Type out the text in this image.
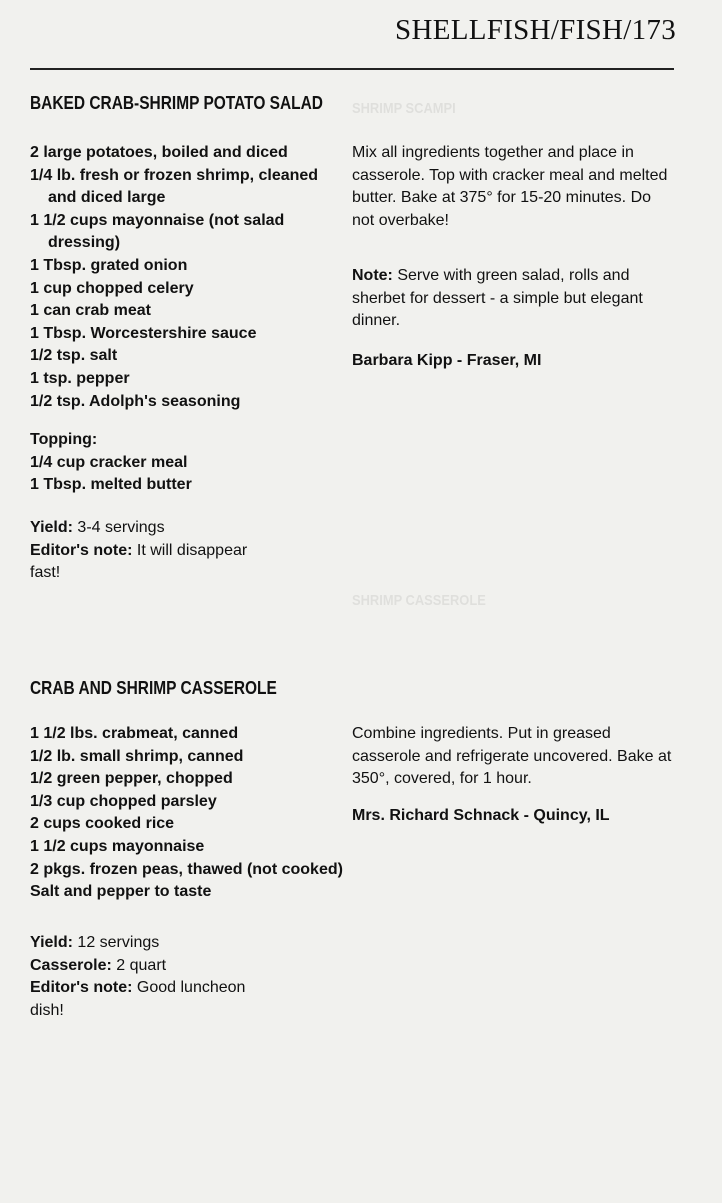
SHRIMP SCAMPI
SHRIMP CASSEROLE
SHELLFISH/FISH/173
BAKED CRAB-SHRIMP POTATO SALAD
2 large potatoes, boiled and diced
1/4 lb. fresh or frozen shrimp, cleaned and diced large
1 1/2 cups mayonnaise (not salad dressing)
1 Tbsp. grated onion
1 cup chopped celery
1 can crab meat
1 Tbsp. Worcestershire sauce
1/2 tsp. salt
1 tsp. pepper
1/2 tsp. Adolph's seasoning
Topping:
1/4 cup cracker meal
1 Tbsp. melted butter

Yield: 3-4 servings

Editor's note: It will disappear fast!

Mix all ingredients together and place in casserole. Top with cracker meal and melted butter. Bake at 375° for 15-20 minutes. Do not overbake!

Note: Serve with green salad, rolls and sherbet for dessert - a simple but elegant dinner.

Barbara Kipp - Fraser, MI
CRAB AND SHRIMP CASSEROLE
1 1/2 lbs. crabmeat, canned
1/2 lb. small shrimp, canned
1/2 green pepper, chopped
1/3 cup chopped parsley
2 cups cooked rice
1 1/2 cups mayonnaise
2 pkgs. frozen peas, thawed (not cooked)
Salt and pepper to taste

Yield: 12 servings

Casserole: 2 quart

Editor's note: Good luncheon dish!

Combine ingredients. Put in greased casserole and refrigerate uncovered. Bake at 350°, covered, for 1 hour.

Mrs. Richard Schnack - Quincy, IL
